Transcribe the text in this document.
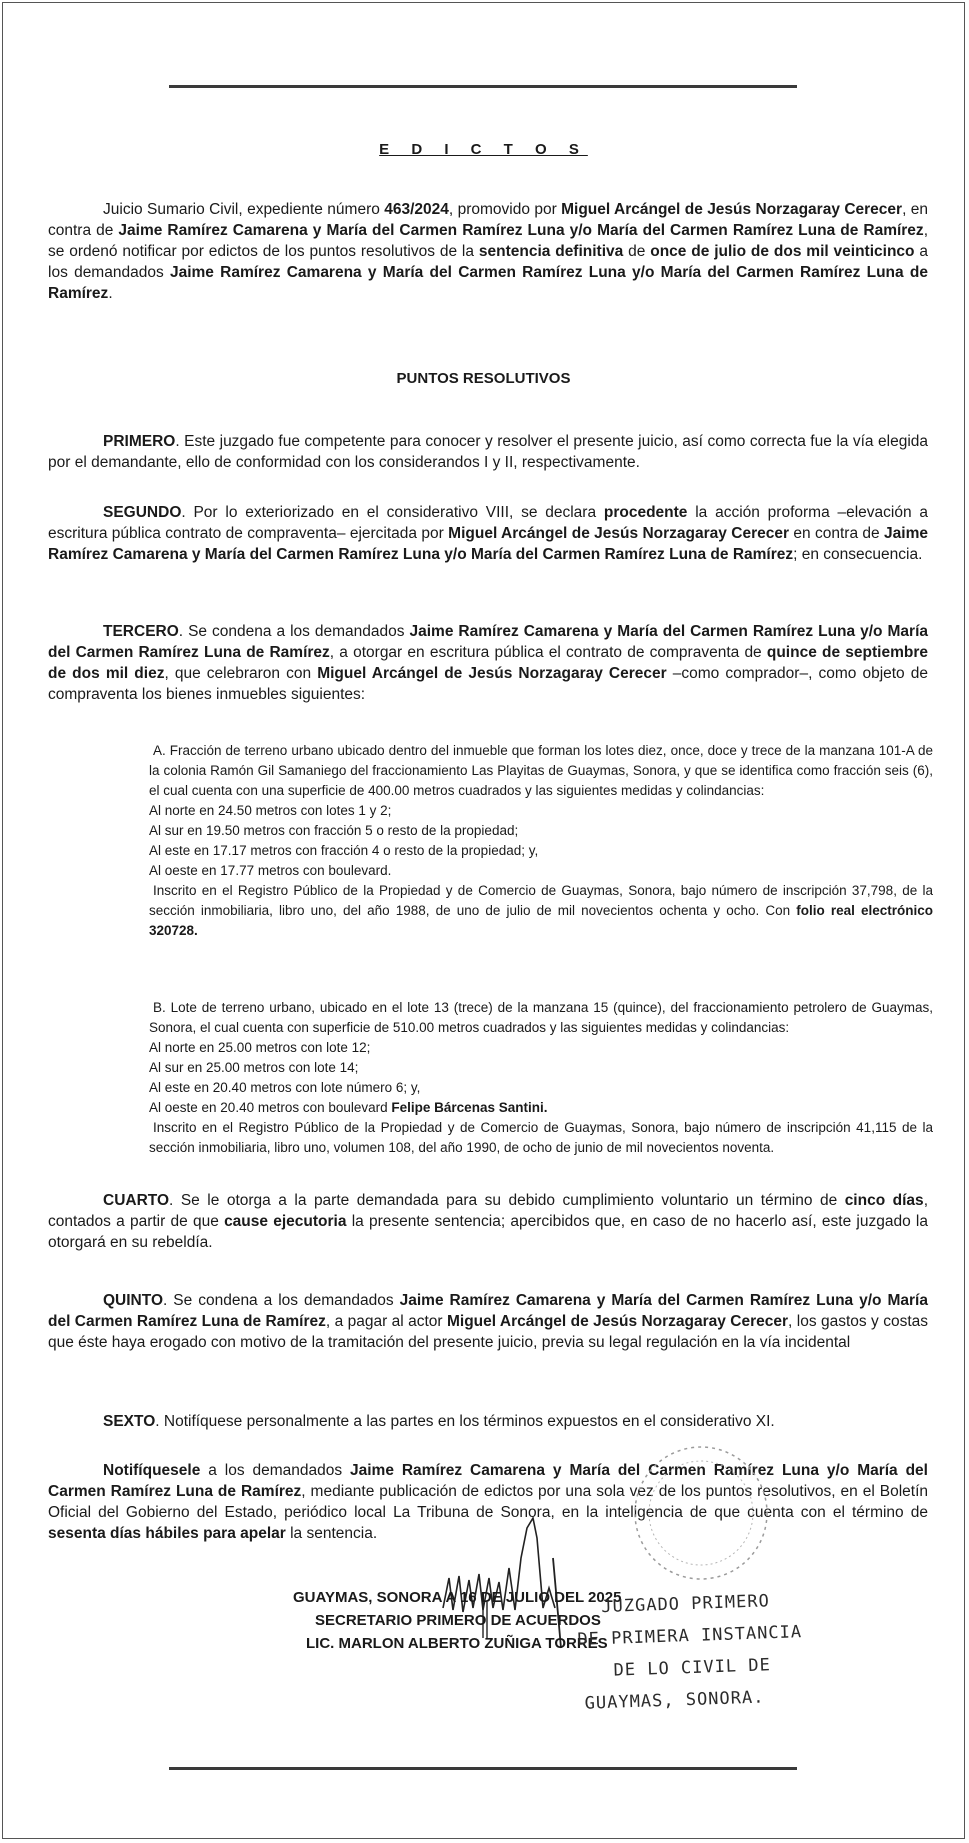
E D I C T O S
Juicio Sumario Civil, expediente número 463/2024, promovido por Miguel Arcángel de Jesús Norzagaray Cerecer, en contra de Jaime Ramírez Camarena y María del Carmen Ramírez Luna y/o María del Carmen Ramírez Luna de Ramírez, se ordenó notificar por edictos de los puntos resolutivos de la sentencia definitiva de once de julio de dos mil veinticinco a los demandados Jaime Ramírez Camarena y María del Carmen Ramírez Luna y/o María del Carmen Ramírez Luna de Ramírez.
PUNTOS RESOLUTIVOS
PRIMERO. Este juzgado fue competente para conocer y resolver el presente juicio, así como correcta fue la vía elegida por el demandante, ello de conformidad con los considerandos I y II, respectivamente.
SEGUNDO. Por lo exteriorizado en el considerativo VIII, se declara procedente la acción proforma –elevación a escritura pública contrato de compraventa– ejercitada por Miguel Arcángel de Jesús Norzagaray Cerecer en contra de Jaime Ramírez Camarena y María del Carmen Ramírez Luna y/o María del Carmen Ramírez Luna de Ramírez; en consecuencia.
TERCERO. Se condena a los demandados Jaime Ramírez Camarena y María del Carmen Ramírez Luna y/o María del Carmen Ramírez Luna de Ramírez, a otorgar en escritura pública el contrato de compraventa de quince de septiembre de dos mil diez, que celebraron con Miguel Arcángel de Jesús Norzagaray Cerecer –como comprador–, como objeto de compraventa los bienes inmuebles siguientes:

A. Fracción de terreno urbano ubicado dentro del inmueble que forman los lotes diez, once, doce y trece de la manzana 101-A de la colonia Ramón Gil Samaniego del fraccionamiento Las Playitas de Guaymas, Sonora, y que se identifica como fracción seis (6), el cual cuenta con una superficie de 400.00 metros cuadrados y las siguientes medidas y colindancias:

Al norte en 24.50 metros con lotes 1 y 2;

Al sur en 19.50 metros con fracción 5 o resto de la propiedad;

Al este en 17.17 metros con fracción 4 o resto de la propiedad; y,

Al oeste en 17.77 metros con boulevard.

Inscrito en el Registro Público de la Propiedad y de Comercio de Guaymas, Sonora, bajo número de inscripción 37,798, de la sección inmobiliaria, libro uno, del año 1988, de uno de julio de mil novecientos ochenta y ocho. Con folio real electrónico 320728.

B. Lote de terreno urbano, ubicado en el lote 13 (trece) de la manzana 15 (quince), del fraccionamiento petrolero de Guaymas, Sonora, el cual cuenta con superficie de 510.00 metros cuadrados y las siguientes medidas y colindancias:

Al norte en 25.00 metros con lote 12;

Al sur en 25.00 metros con lote 14;

Al este en 20.40 metros con lote número 6; y,

Al oeste en 20.40 metros con boulevard Felipe Bárcenas Santini.

Inscrito en el Registro Público de la Propiedad y de Comercio de Guaymas, Sonora, bajo número de inscripción 41,115 de la sección inmobiliaria, libro uno, volumen 108, del año 1990, de ocho de junio de mil novecientos noventa.

CUARTO. Se le otorga a la parte demandada para su debido cumplimiento voluntario un término de cinco días, contados a partir de que cause ejecutoria la presente sentencia; apercibidos que, en caso de no hacerlo así, este juzgado la otorgará en su rebeldía.
QUINTO. Se condena a los demandados Jaime Ramírez Camarena y María del Carmen Ramírez Luna y/o María del Carmen Ramírez Luna de Ramírez, a pagar al actor Miguel Arcángel de Jesús Norzagaray Cerecer, los gastos y costas que éste haya erogado con motivo de la tramitación del presente juicio, previa su legal regulación en la vía incidental
SEXTO. Notifíquese personalmente a las partes en los términos expuestos en el considerativo XI.
Notifíquesele a los demandados Jaime Ramírez Camarena y María del Carmen Ramírez Luna y/o María del Carmen Ramírez Luna de Ramírez, mediante publicación de edictos por una sola vez de los puntos resolutivos, en el Boletín Oficial del Gobierno del Estado, periódico local La Tribuna de Sonora, en la inteligencia de que cuenta con el término de sesenta días hábiles para apelar la sentencia.
GUAYMAS, SONORA A 16 DE JULIO DEL 2025
SECRETARIO PRIMERO DE ACUERDOS
LIC. MARLON ALBERTO ZUÑIGA TORRES
JUZGADO PRIMERO
DE PRIMERA INSTANCIA
DE LO CIVIL DE
GUAYMAS, SONORA.
